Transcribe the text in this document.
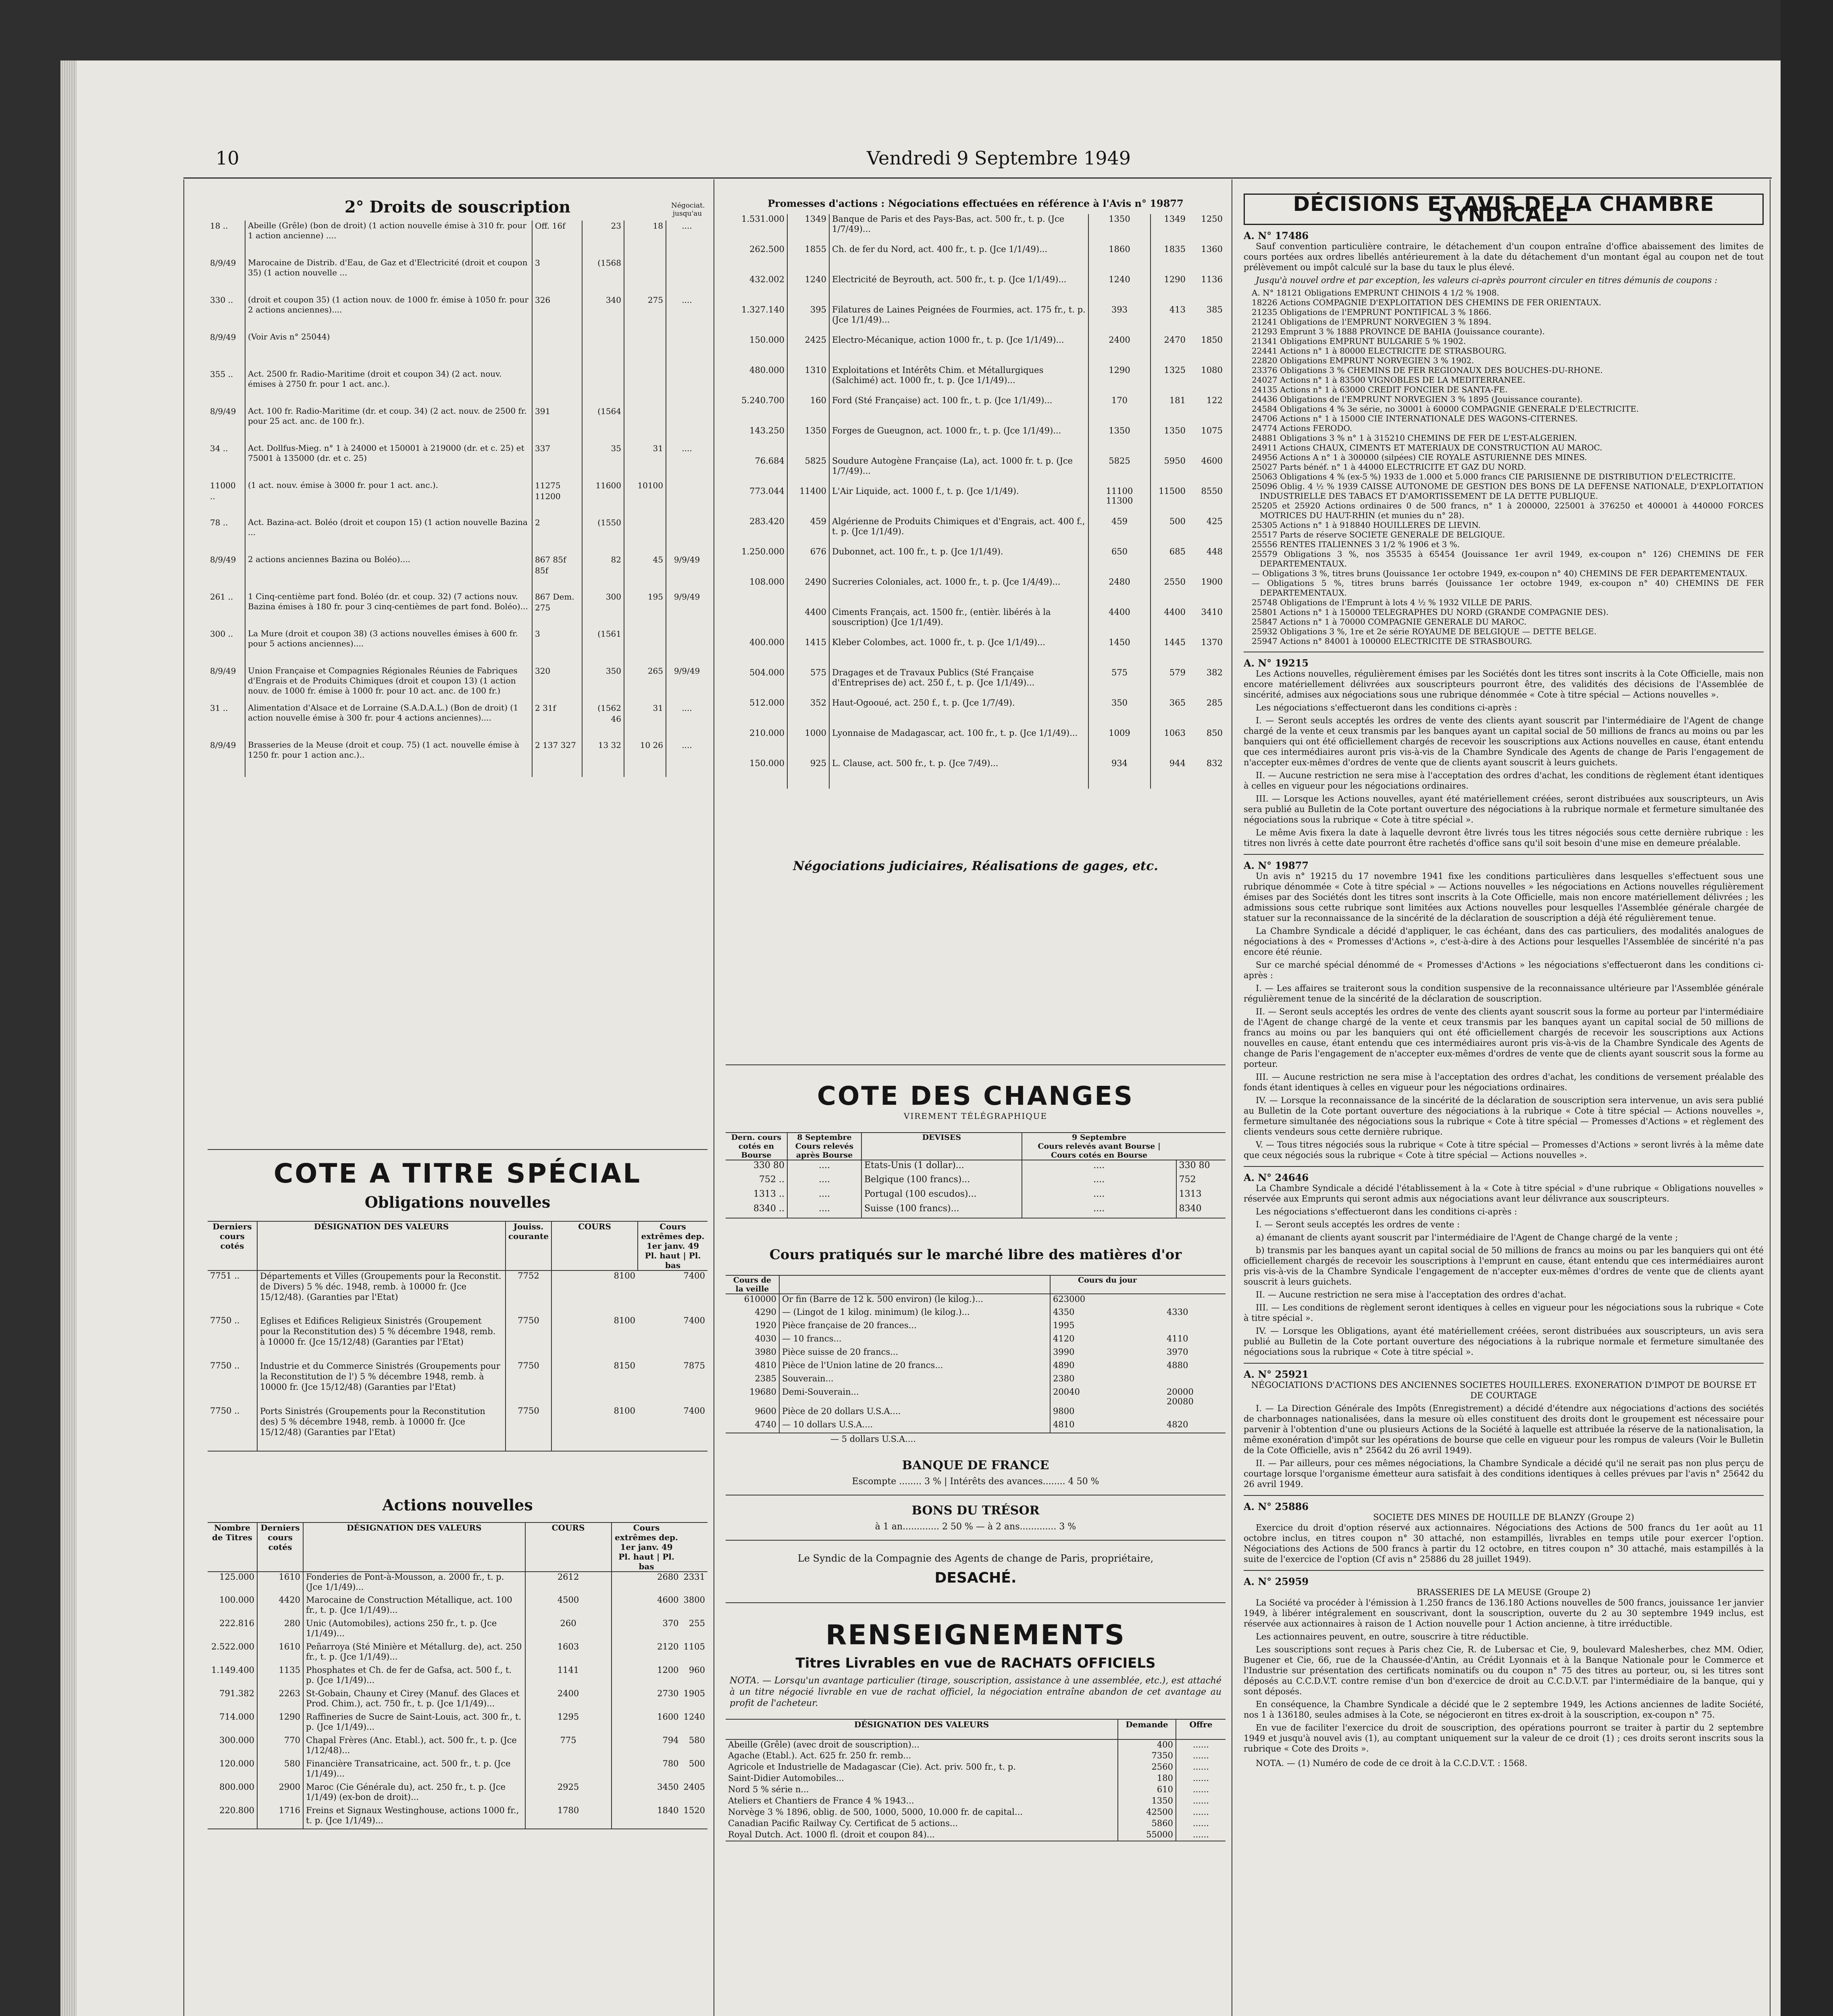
10	Vendredi 9 Septembre 1949
2° Droits de souscription	Négociat. jusqu'au
18 ..	Abeille (Grêle) (bon de droit) (1 action nouvelle émise à 310 fr. pour 1 action ancienne) ....	Off. 16f	23	18	....
8/9/49	Marocaine de Distrib. d'Eau, de Gaz et d'Electricité (droit et coupon 35) (1 action nouvelle ...	3	(1568		
330 ..	(droit et coupon 35) (1 action nouv. de 1000 fr. émise à 1050 fr. pour 2 actions anciennes)....	326	340	275	....
8/9/49	(Voir Avis n° 25044)				
355 ..	Act. 2500 fr. Radio-Maritime (droit et coupon 34) (2 act. nouv. émises à 2750 fr. pour 1 act. anc.).				
8/9/49	Act. 100 fr. Radio-Maritime (dr. et coup. 34) (2 act. nouv. de 2500 fr. pour 25 act. anc. de 100 fr.).	391	(1564		
34 ..	Act. Dollfus-Mieg. n° 1 à 24000 et 150001 à 219000 (dr. et c. 25) et 75001 à 135000 (dr. et c. 25)	337	35	31	....
11000 ..	(1 act. nouv. émise à 3000 fr. pour 1 act. anc.).	11275 11200	11600	10100	
78 ..	Act. Bazina-act. Boléo (droit et coupon 15) (1 action nouvelle Bazina ...	2	(1550		
8/9/49	2 actions anciennes Bazina ou Boléo)....	867 85f 85f	82	45	9/9/49
261 ..	1 Cinq-centième part fond. Boléo (dr. et coup. 32) (7 actions nouv. Bazina émises à 180 fr. pour 3 cinq-centièmes de part fond. Boléo)...	867 Dem. 275	300	195	9/9/49
300 ..	La Mure (droit et coupon 38) (3 actions nouvelles émises à 600 fr. pour 5 actions anciennes)....	3	(1561		
8/9/49	Union Française et Compagnies Régionales Réunies de Fabriques d'Engrais et de Produits Chimiques (droit et coupon 13) (1 action nouv. de 1000 fr. émise à 1000 fr. pour 10 act. anc. de 100 fr.)	320	350	265	9/9/49
31 ..	Alimentation d'Alsace et de Lorraine (S.A.D.A.L.) (Bon de droit) (1 action nouvelle émise à 300 fr. pour 4 actions anciennes)....	2 31f	(1562 46	31	....
8/9/49	Brasseries de la Meuse (droit et coup. 75) (1 act. nouvelle émise à 1250 fr. pour 1 action anc.)..	2 137 327	13 32	10 26	....
COTE A TITRE SPÉCIAL
Obligations nouvelles
Derniers cours cotés	DÉSIGNATION DES VALEURS	Jouiss. courante	COURS	Cours extrêmes dep. 1er janv. 49
Pl. haut | Pl. bas
7751 ..	Départements et Villes (Groupements pour la Reconstit. de Divers) 5 % déc. 1948, remb. à 10000 fr. (Jce 15/12/48). (Garanties par l'Etat)	7752	8100	7400
7750 ..	Eglises et Edifices Religieux Sinistrés (Groupement pour la Reconstitution des) 5 % décembre 1948, remb. à 10000 fr. (Jce 15/12/48) (Garanties par l'Etat)	7750	8100	7400
7750 ..	Industrie et du Commerce Sinistrés (Groupements pour la Reconstitution de l') 5 % décembre 1948, remb. à 10000 fr. (Jce 15/12/48) (Garanties par l'Etat)	7750	8150	7875
7750 ..	Ports Sinistrés (Groupements pour la Reconstitution des) 5 % décembre 1948, remb. à 10000 fr. (Jce 15/12/48) (Garanties par l'Etat)	7750	8100	7400
Actions nouvelles
Nombre de Titres	Derniers cours cotés	DÉSIGNATION DES VALEURS	COURS	Cours extrêmes dep. 1er janv. 49
Pl. haut | Pl. bas	
125.000	1610	Fonderies de Pont-à-Mousson, a. 2000 fr., t. p. (Jce 1/1/49)...	2612	2680	2331
100.000	4420	Marocaine de Construction Métallique, act. 100 fr., t. p. (Jce 1/1/49)...	4500	4600	3800
222.816	280	Unic (Automobiles), actions 250 fr., t. p. (Jce 1/1/49)...	260	370	255
2.522.000	1610	Peñarroya (Sté Minière et Métallurg. de), act. 250 fr., t. p. (Jce 1/1/49)...	1603	2120	1105
1.149.400	1135	Phosphates et Ch. de fer de Gafsa, act. 500 f., t. p. (Jce 1/1/49)...	1141	1200	960
791.382	2263	St-Gobain, Chauny et Cirey (Manuf. des Glaces et Prod. Chim.), act. 750 fr., t. p. (Jce 1/1/49)...	2400	2730	1905
714.000	1290	Raffineries de Sucre de Saint-Louis, act. 300 fr., t. p. (Jce 1/1/49)...	1295	1600	1240
300.000	770	Chapal Frères (Anc. Etabl.), act. 500 fr., t. p. (Jce 1/12/48)...	775	794	580
120.000	580	Financière Transatricaine, act. 500 fr., t. p. (Jce 1/1/49)...		780	500
800.000	2900	Maroc (Cie Générale du), act. 250 fr., t. p. (Jce 1/1/49) (ex-bon de droit)...	2925	3450	2405
220.800	1716	Freins et Signaux Westinghouse, actions 1000 fr., t. p. (Jce 1/1/49)...	1780	1840	1520
Promesses d'actions : Négociations effectuées en référence à l'Avis n° 19877
1.531.000	1349	Banque de Paris et des Pays-Bas, act. 500 fr., t. p. (Jce 1/7/49)...	1350	1349	1250
262.500	1855	Ch. de fer du Nord, act. 400 fr., t. p. (Jce 1/1/49)...	1860	1835	1360
432.002	1240	Electricité de Beyrouth, act. 500 fr., t. p. (Jce 1/1/49)...	1240	1290	1136
1.327.140	395	Filatures de Laines Peignées de Fourmies, act. 175 fr., t. p. (Jce 1/1/49)...	393	413	385
150.000	2425	Electro-Mécanique, action 1000 fr., t. p. (Jce 1/1/49)...	2400	2470	1850
480.000	1310	Exploitations et Intérêts Chim. et Métallurgiques (Salchimé) act. 1000 fr., t. p. (Jce 1/1/49)...	1290	1325	1080
5.240.700	160	Ford (Sté Française) act. 100 fr., t. p. (Jce 1/1/49)...	170	181	122
143.250	1350	Forges de Gueugnon, act. 1000 fr., t. p. (Jce 1/1/49)...	1350	1350	1075
76.684	5825	Soudure Autogène Française (La), act. 1000 fr. t. p. (Jce 1/7/49)...	5825	5950	4600
773.044	11400	L'Air Liquide, act. 1000 f., t. p. (Jce 1/1/49).	11100 11300	11500	8550
283.420	459	Algérienne de Produits Chimiques et d'Engrais, act. 400 f., t. p. (Jce 1/1/49).	459	500	425
1.250.000	676	Dubonnet, act. 100 fr., t. p. (Jce 1/1/49).	650	685	448
108.000	2490	Sucreries Coloniales, act. 1000 fr., t. p. (Jce 1/4/49)...	2480	2550	1900
	4400	Ciments Français, act. 1500 fr., (entièr. libérés à la souscription) (Jce 1/1/49).	4400	4400	3410
400.000	1415	Kleber Colombes, act. 1000 fr., t. p. (Jce 1/1/49)...	1450	1445	1370
504.000	575	Dragages et de Travaux Publics (Sté Française d'Entreprises de) act. 250 f., t. p. (Jce 1/1/49)...	575	579	382
512.000	352	Haut-Ogooué, act. 250 f., t. p. (Jce 1/7/49).	350	365	285
210.000	1000	Lyonnaise de Madagascar, act. 100 fr., t. p. (Jce 1/1/49)...	1009	1063	850
150.000	925	L. Clause, act. 500 fr., t. p. (Jce 7/49)...	934	944	832
Négociations judiciaires, Réalisations de gages, etc.
COTE DES CHANGES
VIREMENT TÉLÉGRAPHIQUE
Dern. cours cotés en Bourse	8 Septembre
Cours relevés après Bourse	DEVISES	9 Septembre
Cours relevés avant Bourse | Cours cotés en Bourse	
330 80	....	Etats-Unis (1 dollar)...	....	330 80
752 ..	....	Belgique (100 francs)...	....	752
1313 ..	....	Portugal (100 escudos)...	....	1313
8340 ..	....	Suisse (100 francs)...	....	8340
Cours pratiqués sur le marché libre des matières d'or
Cours de la veille		Cours du jour	
610000	Or fin (Barre de 12 k. 500 environ) (le kilog.)...	623000	
4290	— (Lingot de 1 kilog. minimum) (le kilog.)...	4350	4330
1920	Pièce française de 20 frances...	1995	
4030	— 10 francs...	4120	4110
3980	Pièce suisse de 20 francs...	3990	3970
4810	Pièce de l'Union latine de 20 francs...	4890	4880
2385	Souverain...	2380	
19680	Demi-Souverain...	20040	20000 20080
9600	Pièce de 20 dollars U.S.A....	9800	
4740	— 10 dollars U.S.A....	4810	4820
— 5 dollars U.S.A....
BANQUE DE FRANCE
Escompte ........ 3 % | Intérêts des avances........ 4 50 %
BONS DU TRÉSOR
à 1 an............. 2 50 % — à 2 ans............. 3 %
Le Syndic de la Compagnie des Agents de change de Paris, propriétaire,
DESACHÉ.
RENSEIGNEMENTS
Titres Livrables en vue de RACHATS OFFICIELS
NOTA. — Lorsqu'un avantage particulier (tirage, souscription, assistance à une assemblée, etc.), est attaché à un titre négocié livrable en vue de rachat officiel, la négociation entraîne abandon de cet avantage au profit de l'acheteur.
DÉSIGNATION DES VALEURS	Demande	Offre
Abeille (Grêle) (avec droit de souscription)...	400	......
Agache (Etabl.). Act. 625 fr. 250 fr. remb...	7350	......
Agricole et Industrielle de Madagascar (Cie). Act. priv. 500 fr., t. p.	2560	......
Saint-Didier Automobiles...	180	......
Nord 5 % série n...	610	......
Ateliers et Chantiers de France 4 % 1943...	1350	......
Norvège 3 % 1896, oblig. de 500, 1000, 5000, 10.000 fr. de capital...	42500	......
Canadian Pacific Railway Cy. Certificat de 5 actions...	5860	......
Royal Dutch. Act. 1000 fl. (droit et coupon 84)...	55000	......
DÉCISIONS ET AVIS DE LA CHAMBRE SYNDICALE
A. N° 17486

Sauf convention particulière contraire, le détachement d'un coupon entraîne d'office abaissement des limites de cours portées aux ordres libellés antérieurement à la date du détachement d'un montant égal au coupon net de tout prélèvement ou impôt calculé sur la base du taux le plus élevé.

Jusqu'à nouvel ordre et par exception, les valeurs ci-après pourront circuler en titres démunis de coupons :

A. N° 18121 Obligations EMPRUNT CHINOIS 4 1/2 % 1908.
18226 Actions COMPAGNIE D'EXPLOITATION DES CHEMINS DE FER ORIENTAUX.
21235 Obligations de l'EMPRUNT PONTIFICAL 3 % 1866.
21241 Obligations de l'EMPRUNT NORVEGIEN 3 % 1894.
21293 Emprunt 3 % 1888 PROVINCE DE BAHIA (Jouissance courante).
21341 Obligations EMPRUNT BULGARIE 5 % 1902.
22441 Actions n° 1 à 80000 ELECTRICITE DE STRASBOURG.
22820 Obligations EMPRUNT NORVEGIEN 3 % 1902.
23376 Obligations 3 % CHEMINS DE FER REGIONAUX DES BOUCHES-DU-RHONE.
24027 Actions n° 1 à 83500 VIGNOBLES DE LA MEDITERRANEE.
24135 Actions n° 1 à 63000 CREDIT FONCIER DE SANTA-FE.
24436 Obligations de l'EMPRUNT NORVEGIEN 3 % 1895 (Jouissance courante).
24584 Obligations 4 % 3e série, no 30001 à 60000 COMPAGNIE GENERALE D'ELECTRICITE.
24706 Actions n° 1 à 15000 CIE INTERNATIONALE DES WAGONS-CITERNES.
24774 Actions FERODO.
24881 Obligations 3 % n° 1 à 315210 CHEMINS DE FER DE L'EST-ALGERIEN.
24911 Actions CHAUX, CIMENTS ET MATERIAUX DE CONSTRUCTION AU MAROC.
24956 Actions A n° 1 à 300000 (silpées) CIE ROYALE ASTURIENNE DES MINES.
25027 Parts bénéf. n° 1 à 44000 ELECTRICITE ET GAZ DU NORD.
25063 Obligations 4 % (ex-5 %) 1933 de 1.000 et 5.000 francs CIE PARISIENNE DE DISTRIBUTION D'ELECTRICITE.
25096 Oblig. 4 ½ % 1939 CAISSE AUTONOME DE GESTION DES BONS DE LA DEFENSE NATIONALE, D'EXPLOITATION INDUSTRIELLE DES TABACS ET D'AMORTISSEMENT DE LA DETTE PUBLIQUE.
25205 et 25920 Actions ordinaires 0 de 500 francs, n° 1 à 200000, 225001 à 376250 et 400001 à 440000 FORCES MOTRICES DU HAUT-RHIN (et munies du n° 28).
25305 Actions n° 1 à 918840 HOUILLERES DE LIEVIN.
25517 Parts de réserve SOCIETE GENERALE DE BELGIQUE.
25556 RENTES ITALIENNES 3 1/2 % 1906 et 3 %.
25579 Obligations 3 %, nos 35535 à 65454 (Jouissance 1er avril 1949, ex-coupon n° 126) CHEMINS DE FER DEPARTEMENTAUX.
— Obligations 3 %, titres bruns (Jouissance 1er octobre 1949, ex-coupon n° 40) CHEMINS DE FER DEPARTEMENTAUX.
— Obligations 5 %, titres bruns barrés (Jouissance 1er octobre 1949, ex-coupon n° 40) CHEMINS DE FER DEPARTEMENTAUX.
25748 Obligations de l'Emprunt à lots 4 ½ % 1932 VILLE DE PARIS.
25801 Actions n° 1 à 150000 TELEGRAPHES DU NORD (GRANDE COMPAGNIE DES).
25847 Actions n° 1 à 70000 COMPAGNIE GENERALE DU MAROC.
25932 Obligations 3 %, 1re et 2e série ROYAUME DE BELGIQUE — DETTE BELGE.
25947 Actions n° 84001 à 100000 ELECTRICITE DE STRASBOURG.
A. N° 19215

Les Actions nouvelles, régulièrement émises par les Sociétés dont les titres sont inscrits à la Cote Officielle, mais non encore matériellement délivrées aux souscripteurs pourront être, des validités des décisions de l'Assemblée de sincérité, admises aux négociations sous une rubrique dénommée « Cote à titre spécial — Actions nouvelles ».

Les négociations s'effectueront dans les conditions ci-après :

I. — Seront seuls acceptés les ordres de vente des clients ayant souscrit par l'intermédiaire de l'Agent de change chargé de la vente et ceux transmis par les banques ayant un capital social de 50 millions de francs au moins ou par les banquiers qui ont été officiellement chargés de recevoir les souscriptions aux Actions nouvelles en cause, étant entendu que ces intermédiaires auront pris vis-à-vis de la Chambre Syndicale des Agents de change de Paris l'engagement de n'accepter eux-mêmes d'ordres de vente que de clients ayant souscrit à leurs guichets.

II. — Aucune restriction ne sera mise à l'acceptation des ordres d'achat, les conditions de règlement étant identiques à celles en vigueur pour les négociations ordinaires.

III. — Lorsque les Actions nouvelles, ayant été matériellement créées, seront distribuées aux souscripteurs, un Avis sera publié au Bulletin de la Cote portant ouverture des négociations à la rubrique normale et fermeture simultanée des négociations sous la rubrique « Cote à titre spécial ».

Le même Avis fixera la date à laquelle devront être livrés tous les titres négociés sous cette dernière rubrique : les titres non livrés à cette date pourront être rachetés d'office sans qu'il soit besoin d'une mise en demeure préalable.

A. N° 19877

Un avis n° 19215 du 17 novembre 1941 fixe les conditions particulières dans lesquelles s'effectuent sous une rubrique dénommée « Cote à titre spécial » — Actions nouvelles » les négociations en Actions nouvelles régulièrement émises par des Sociétés dont les titres sont inscrits à la Cote Officielle, mais non encore matériellement délivrées ; les admissions sous cette rubrique sont limitées aux Actions nouvelles pour lesquelles l'Assemblée générale chargée de statuer sur la reconnaissance de la sincérité de la déclaration de souscription a déjà été régulièrement tenue.

La Chambre Syndicale a décidé d'appliquer, le cas échéant, dans des cas particuliers, des modalités analogues de négociations à des « Promesses d'Actions », c'est-à-dire à des Actions pour lesquelles l'Assemblée de sincérité n'a pas encore été réunie.

Sur ce marché spécial dénommé de « Promesses d'Actions » les négociations s'effectueront dans les conditions ci-après :

I. — Les affaires se traiteront sous la condition suspensive de la reconnaissance ultérieure par l'Assemblée générale régulièrement tenue de la sincérité de la déclaration de souscription.

II. — Seront seuls acceptés les ordres de vente des clients ayant souscrit sous la forme au porteur par l'intermédiaire de l'Agent de change chargé de la vente et ceux transmis par les banques ayant un capital social de 50 millions de francs au moins ou par les banquiers qui ont été officiellement chargés de recevoir les souscriptions aux Actions nouvelles en cause, étant entendu que ces intermédiaires auront pris vis-à-vis de la Chambre Syndicale des Agents de change de Paris l'engagement de n'accepter eux-mêmes d'ordres de vente que de clients ayant souscrit sous la forme au porteur.

III. — Aucune restriction ne sera mise à l'acceptation des ordres d'achat, les conditions de versement préalable des fonds étant identiques à celles en vigueur pour les négociations ordinaires.

IV. — Lorsque la reconnaissance de la sincérité de la déclaration de souscription sera intervenue, un avis sera publié au Bulletin de la Cote portant ouverture des négociations à la rubrique « Cote à titre spécial — Actions nouvelles », fermeture simultanée des négociations sous la rubrique « Cote à titre spécial — Promesses d'Actions » et règlement des clients vendeurs sous cette dernière rubrique.

V. — Tous titres négociés sous la rubrique « Cote à titre spécial — Promesses d'Actions » seront livrés à la même date que ceux négociés sous la rubrique « Cote à titre spécial — Actions nouvelles ».

A. N° 24646

La Chambre Syndicale a décidé l'établissement à la « Cote à titre spécial » d'une rubrique « Obligations nouvelles » réservée aux Emprunts qui seront admis aux négociations avant leur délivrance aux souscripteurs.

Les négociations s'effectueront dans les conditions ci-après :

I. — Seront seuls acceptés les ordres de vente :

a) émanant de clients ayant souscrit par l'intermédiaire de l'Agent de Change chargé de la vente ;

b) transmis par les banques ayant un capital social de 50 millions de francs au moins ou par les banquiers qui ont été officiellement chargés de recevoir les souscriptions à l'emprunt en cause, étant entendu que ces intermédiaires auront pris vis-à-vis de la Chambre Syndicale l'engagement de n'accepter eux-mêmes d'ordres de vente que de clients ayant souscrit à leurs guichets.

II. — Aucune restriction ne sera mise à l'acceptation des ordres d'achat.

III. — Les conditions de règlement seront identiques à celles en vigueur pour les négociations sous la rubrique « Cote à titre spécial ».

IV. — Lorsque les Obligations, ayant été matériellement créées, seront distribuées aux souscripteurs, un avis sera publié au Bulletin de la Cote portant ouverture des négociations à la rubrique normale et fermeture simultanée des négociations sous la rubrique « Cote à titre spécial ».

A. N° 25921
NÉGOCIATIONS D'ACTIONS DES ANCIENNES SOCIETES HOUILLERES. EXONERATION D'IMPOT DE BOURSE ET DE COURTAGE

I. — La Direction Générale des Impôts (Enregistrement) a décidé d'étendre aux négociations d'actions des sociétés de charbonnages nationalisées, dans la mesure où elles constituent des droits dont le groupement est nécessaire pour parvenir à l'obtention d'une ou plusieurs Actions de la Société à laquelle est attribuée la réserve de la nationalisation, la même exonération d'impôt sur les opérations de bourse que celle en vigueur pour les rompus de valeurs (Voir le Bulletin de la Cote Officielle, avis n° 25642 du 26 avril 1949).

II. — Par ailleurs, pour ces mêmes négociations, la Chambre Syndicale a décidé qu'il ne serait pas non plus perçu de courtage lorsque l'organisme émetteur aura satisfait à des conditions identiques à celles prévues par l'avis n° 25642 du 26 avril 1949.

A. N° 25886
SOCIETE DES MINES DE HOUILLE DE BLANZY (Groupe 2)

Exercice du droit d'option réservé aux actionnaires. Négociations des Actions de 500 francs du 1er août au 11 octobre inclus, en titres coupon n° 30 attaché, non estampillés, livrables en temps utile pour exercer l'option. Négociations des Actions de 500 francs à partir du 12 octobre, en titres coupon n° 30 attaché, mais estampillés à la suite de l'exercice de l'option (Cf avis n° 25886 du 28 juillet 1949).

A. N° 25959
BRASSERIES DE LA MEUSE (Groupe 2)

La Société va procéder à l'émission à 1.250 francs de 136.180 Actions nouvelles de 500 francs, jouissance 1er janvier 1949, à libérer intégralement en souscrivant, dont la souscription, ouverte du 2 au 30 septembre 1949 inclus, est réservée aux actionnaires à raison de 1 Action nouvelle pour 1 Action ancienne, à titre irréductible.

Les actionnaires peuvent, en outre, souscrire à titre réductible.

Les souscriptions sont reçues à Paris chez Cie, R. de Lubersac et Cie, 9, boulevard Malesherbes, chez MM. Odier, Bugener et Cie, 66, rue de la Chaussée-d'Antin, au Crédit Lyonnais et à la Banque Nationale pour le Commerce et l'Industrie sur présentation des certificats nominatifs ou du coupon n° 75 des titres au porteur, ou, si les titres sont déposés au C.C.D.V.T. contre remise d'un bon d'exercice de droit au C.C.D.V.T. par l'intermédiaire de la banque, qui y sont déposés.

En conséquence, la Chambre Syndicale a décidé que le 2 septembre 1949, les Actions anciennes de ladite Société, nos 1 à 136180, seules admises à la Cote, se négocieront en titres ex-droit à la souscription, ex-coupon n° 75.

En vue de faciliter l'exercice du droit de souscription, des opérations pourront se traiter à partir du 2 septembre 1949 et jusqu'à nouvel avis (1), au comptant uniquement sur la valeur de ce droit (1) ; ces droits seront inscrits sous la rubrique « Cote des Droits ».

NOTA. — (1) Numéro de code de ce droit à la C.C.D.V.T. : 1568.
